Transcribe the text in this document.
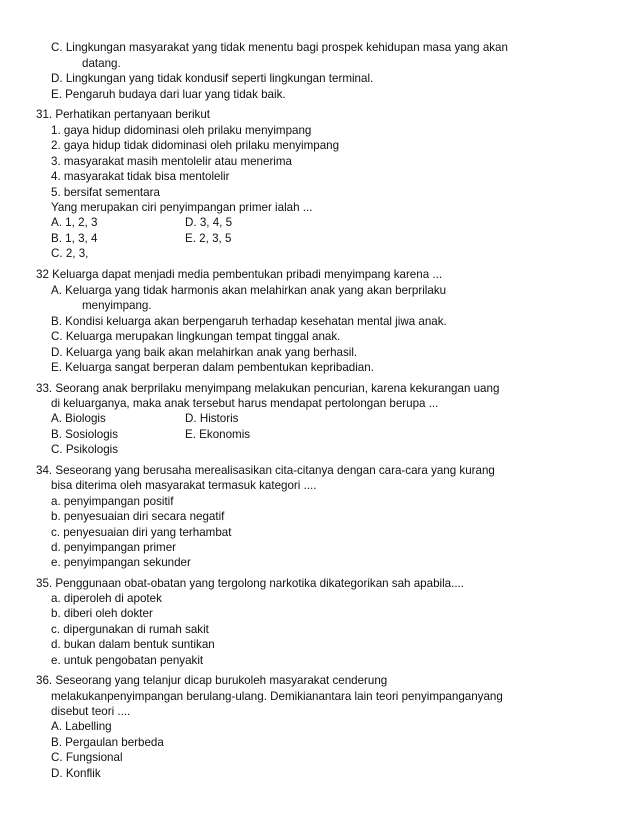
C. Lingkungan masyarakat yang tidak menentu bagi prospek kehidupan masa yang akan
datang.
D. Lingkungan yang tidak kondusif seperti lingkungan terminal.
E. Pengaruh budaya dari luar yang tidak baik.
31. Perhatikan pertanyaan berikut
1. gaya hidup didominasi oleh prilaku menyimpang
2. gaya hidup tidak didominasi oleh prilaku menyimpang
3. masyarakat masih mentolelir atau menerima
4. masyarakat tidak bisa mentolelir
5. bersifat sementara
Yang merupakan ciri penyimpangan primer ialah ...
A. 1, 2, 3	D. 3, 4, 5
B. 1, 3, 4	E. 2, 3, 5
C. 2, 3,
32 Keluarga dapat menjadi media pembentukan pribadi menyimpang karena ...
A. Keluarga yang tidak harmonis akan melahirkan anak yang akan berprilaku
menyimpang.
B. Kondisi keluarga akan berpengaruh terhadap kesehatan mental jiwa anak.
C. Keluarga merupakan lingkungan tempat tinggal anak.
D. Keluarga yang baik akan melahirkan anak yang berhasil.
E. Keluarga sangat berperan dalam pembentukan kepribadian.
33. Seorang anak berprilaku menyimpang melakukan pencurian, karena kekurangan uang
di keluarganya, maka anak tersebut harus mendapat pertolongan berupa ...
A. Biologis	D. Historis
B. Sosiologis	E. Ekonomis
C. Psikologis
34. Seseorang yang berusaha merealisasikan cita-citanya dengan cara-cara yang kurang
bisa diterima oleh masyarakat termasuk kategori ....
a. penyimpangan positif
b. penyesuaian diri secara negatif
c. penyesuaian diri yang terhambat
d. penyimpangan primer
e. penyimpangan sekunder
35. Penggunaan obat-obatan yang tergolong narkotika dikategorikan sah apabila....
a. diperoleh di apotek
b. diberi oleh dokter
c. dipergunakan di rumah sakit
d. bukan dalam bentuk suntikan
e. untuk pengobatan penyakit
36. Seseorang yang telanjur dicap burukoleh masyarakat cenderung
melakukanpenyimpangan berulang-ulang. Demikianantara lain teori penyimpanganyang
disebut teori ....
A. Labelling
B. Pergaulan berbeda
C. Fungsional
D. Konflik
